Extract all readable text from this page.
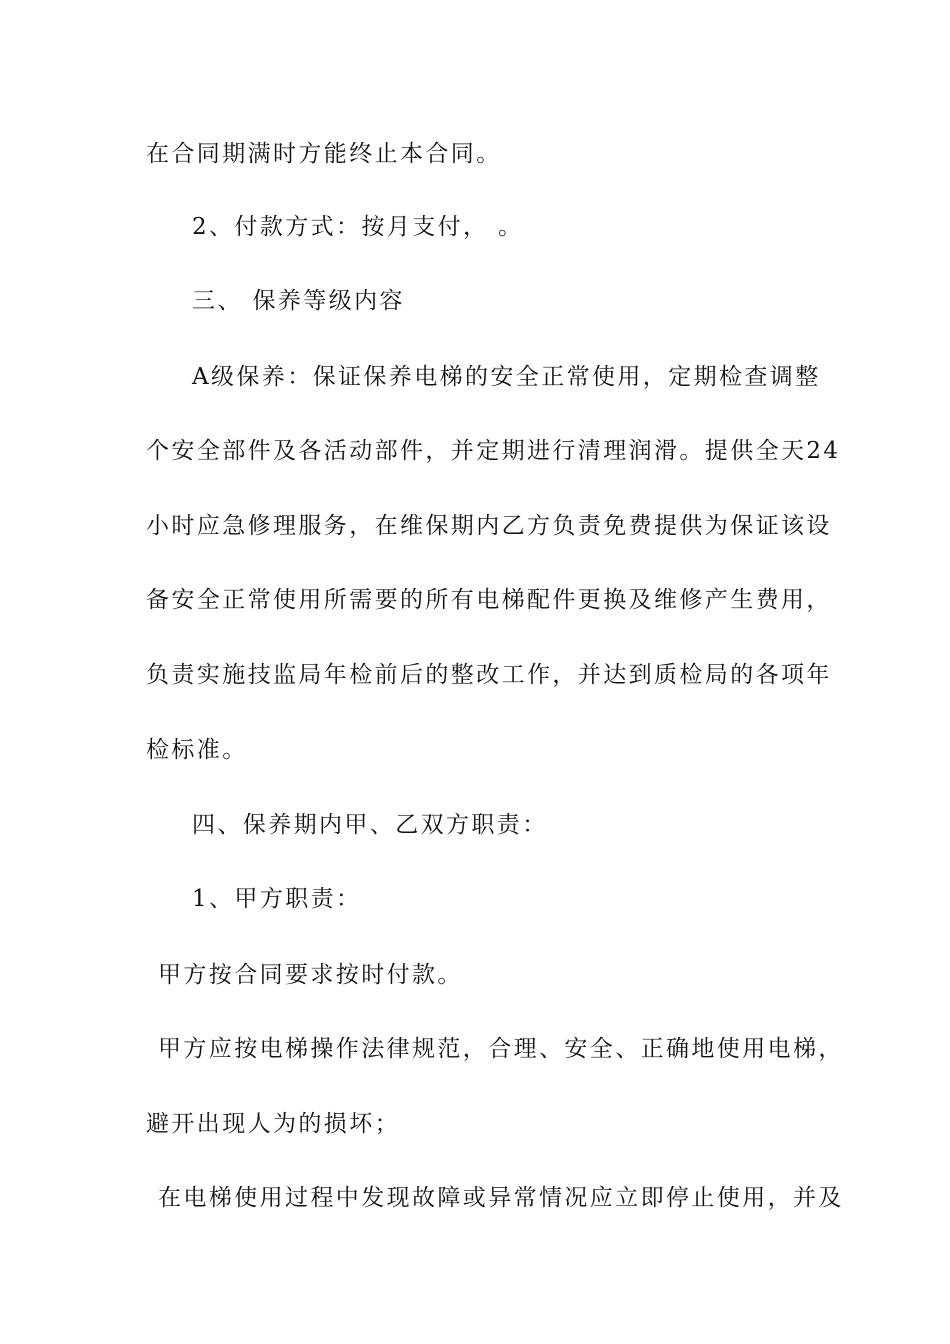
在合同期满时方能终止本合同。
2、付款方式：按月支付， 。
三、 保养等级内容
A级保养：保证保养电梯的安全正常使用，定期检查调整
个安全部件及各活动部件，并定期进行清理润滑。提供全天24
小时应急修理服务，在维保期内乙方负责免费提供为保证该设
备安全正常使用所需要的所有电梯配件更换及维修产生费用，
负责实施技监局年检前后的整改工作，并达到质检局的各项年
检标准。
四、保养期内甲、乙双方职责：
1、甲方职责：
甲方按合同要求按时付款。
甲方应按电梯操作法律规范，合理、安全、正确地使用电梯，
避开出现人为的损坏；
在电梯使用过程中发现故障或异常情况应立即停止使用，并及
